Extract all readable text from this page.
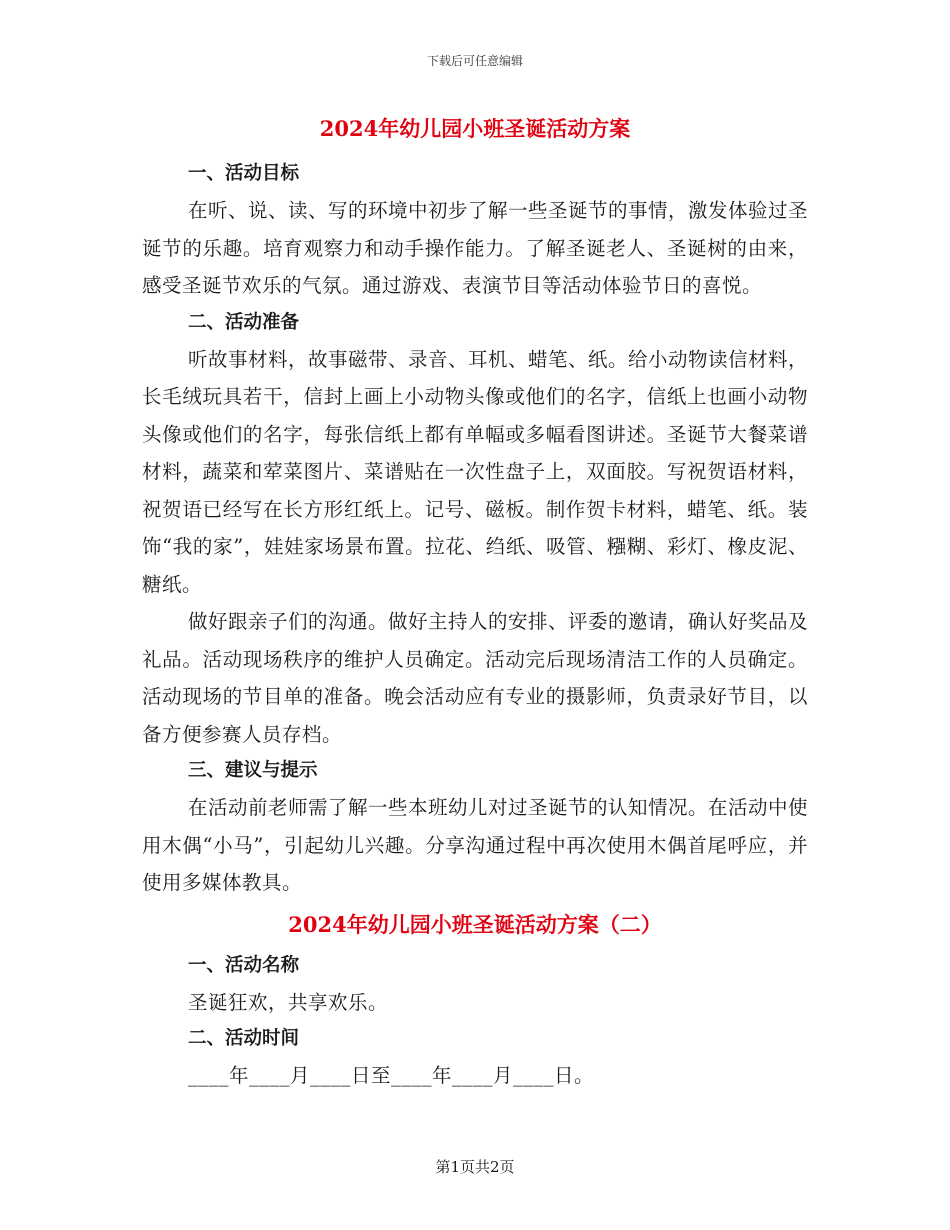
下载后可任意编辑
2024年幼儿园小班圣诞活动方案
一、活动目标

在听、说、读、写的环境中初步了解一些圣诞节的事情，激发体验过圣诞节的乐趣。培育观察力和动手操作能力。了解圣诞老人、圣诞树的由来，感受圣诞节欢乐的气氛。通过游戏、表演节目等活动体验节日的喜悦。

二、活动准备

听故事材料，故事磁带、录音、耳机、蜡笔、纸。给小动物读信材料，长毛绒玩具若干，信封上画上小动物头像或他们的名字，信纸上也画小动物头像或他们的名字，每张信纸上都有单幅或多幅看图讲述。圣诞节大餐菜谱材料，蔬菜和荤菜图片、菜谱贴在一次性盘子上，双面胶。写祝贺语材料，祝贺语已经写在长方形红纸上。记号、磁板。制作贺卡材料，蜡笔、纸。装饰“我的家”，娃娃家场景布置。拉花、绉纸、吸管、糨糊、彩灯、橡皮泥、糖纸。

做好跟亲子们的沟通。做好主持人的安排、评委的邀请，确认好奖品及礼品。活动现场秩序的维护人员确定。活动完后现场清洁工作的人员确定。活动现场的节目单的准备。晚会活动应有专业的摄影师，负责录好节目，以备方便参赛人员存档。

三、建议与提示

在活动前老师需了解一些本班幼儿对过圣诞节的认知情况。在活动中使用木偶“小马”，引起幼儿兴趣。分享沟通过程中再次使用木偶首尾呼应，并使用多媒体教具。

2024年幼儿园小班圣诞活动方案（二）
一、活动名称

圣诞狂欢，共享欢乐。

二、活动时间

____年____月____日至____年____月____日。

第1页共2页
